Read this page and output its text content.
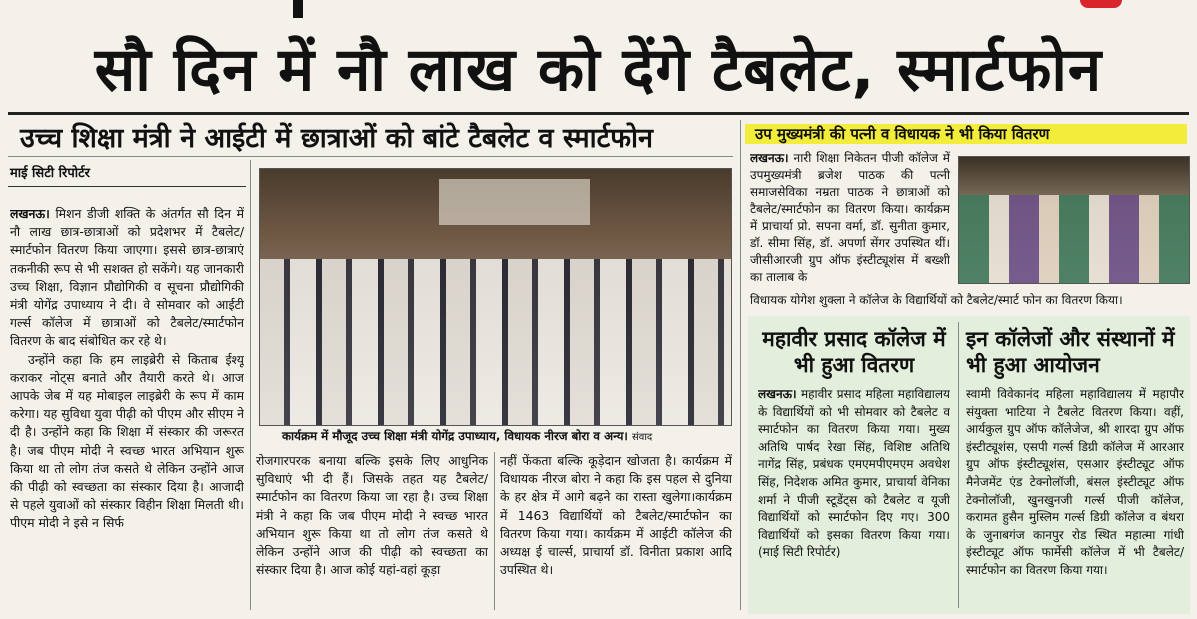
सौ दिन में नौ लाख को देंगे टैबलेट, स्मार्टफोन
उच्च शिक्षा मंत्री ने आईटी में छात्राओं को बांटे टैबलेट व स्मार्टफोन	उप मुख्यमंत्री की पत्नी व विधायक ने भी किया वितरण
माई सिटी रिपोर्टर

लखनऊ। मिशन डीजी शक्ति के अंतर्गत सौ दिन में नौ लाख छात्र-छात्राओं को प्रदेशभर में टैबलेट/स्मार्टफोन वितरण किया जाएगा। इससे छात्र-छात्राएं तकनीकी रूप से भी सशक्त हो सकेंगे। यह जानकारी उच्च शिक्षा, विज्ञान प्रौद्योगिकी व सूचना प्रौद्योगिकी मंत्री योगेंद्र उपाध्याय ने दी। वे सोमवार को आईटी गर्ल्स कॉलेज में छात्राओं को टैबलेट/स्मार्टफोन वितरण के बाद संबोधित कर रहे थे।

उन्होंने कहा कि हम लाइब्रेरी से किताब ईश्यू कराकर नोट्स बनाते और तैयारी करते थे। आज आपके जेब में यह मोबाइल लाइब्रेरी के रूप में काम करेगा। यह सुविधा युवा पीढ़ी को पीएम और सीएम ने दी है। उन्होंने कहा कि शिक्षा में संस्कार की जरूरत है। जब पीएम मोदी ने स्वच्छ भारत अभियान शुरू किया था तो लोग तंज कसते थे लेकिन उन्होंने आज की पीढ़ी को स्वच्छता का संस्कार दिया है। आजादी से पहले युवाओं को संस्कार विहीन शिक्षा मिलती थी। पीएम मोदी ने इसे न सिर्फ

कार्यक्रम में मौजूद उच्च शिक्षा मंत्री योगेंद्र उपाध्याय, विधायक नीरज बोरा व अन्य। संवाद

रोजगारपरक बनाया बल्कि इसके लिए आधुनिक सुविधाएं भी दी हैं। जिसके तहत यह टैबलेट/स्मार्टफोन का वितरण किया जा रहा है। उच्च शिक्षा मंत्री ने कहा कि जब पीएम मोदी ने स्वच्छ भारत अभियान शुरू किया था तो लोग तंज कसते थे लेकिन उन्होंने आज की पीढ़ी को स्वच्छता का संस्कार दिया है। आज कोई यहां-वहां कूड़ा

नहीं फेंकता बल्कि कूड़ेदान खोजता है। कार्यक्रम में विधायक नीरज बोरा ने कहा कि इस पहल से दुनिया के हर क्षेत्र में आगे बढ़ने का रास्ता खुलेगा।कार्यक्रम में 1463 विद्यार्थियों को टैबलेट/स्मार्टफोन का वितरण किया गया। कार्यक्रम में आईटी कॉलेज की अध्यक्ष ई चार्ल्स, प्राचार्या डॉ. विनीता प्रकाश आदि उपस्थित थे।

लखनऊ। नारी शिक्षा निकेतन पीजी कॉलेज में उपमुख्यमंत्री ब्रजेश पाठक की पत्नी समाजसेविका नम्रता पाठक ने छात्राओं को टैबलेट/स्मार्टफोन का वितरण किया। कार्यक्रम में प्राचार्या प्रो. सपना वर्मा, डॉ. सुनीता कुमार, डॉ. सीमा सिंह, डॉ. अपर्णा सेंगर उपस्थित थीं। जीसीआरजी ग्रुप ऑफ इंस्टीट्यूशंस में बख्शी का तालाब के

विधायक योगेश शुक्ला ने कॉलेज के विद्यार्थियों को टैबलेट/स्मार्ट फोन का वितरण किया।
महावीर प्रसाद कॉलेज में भी हुआ वितरण

लखनऊ। महावीर प्रसाद महिला महाविद्यालय के विद्यार्थियों को भी सोमवार को टैबलेट व स्मार्टफोन का वितरण किया गया। मुख्य अतिथि पार्षद रेखा सिंह, विशिष्ट अतिथि नागेंद्र सिंह, प्रबंधक एमएमपीएमएम अवधेश सिंह, निदेशक अमित कुमार, प्राचार्या वेनिका शर्मा ने पीजी स्टूडेंट्स को टैबलेट व यूजी विद्यार्थियों को स्मार्टफोन दिए गए। 300 विद्यार्थियों को इसका वितरण किया गया। (माई सिटी रिपोर्टर)

इन कॉलेजों और संस्थानों में भी हुआ आयोजन
स्वामी विवेकानंद महिला महाविद्यालय में महापौर संयुक्ता भाटिया ने टैबलेट वितरण किया। वहीं, आर्यकुल ग्रुप ऑफ कॉलेजेज, श्री शारदा ग्रुप ऑफ इंस्टीट्यूशंस, एसपी गर्ल्स डिग्री कॉलेज में आरआर ग्रुप ऑफ इंस्टीट्यूशंस, एसआर इंस्टीट्यूट ऑफ मैनेजमेंट एंड टेक्नोलॉजी, बंसल इंस्टीट्यूट ऑफ टेक्नोलॉजी, खुनखुनजी गर्ल्स पीजी कॉलेज, करामत हुसैन मुस्लिम गर्ल्स डिग्री कॉलेज व बंथरा के जुनाबगंज कानपुर रोड स्थित महात्मा गांधी इंस्टीट्यूट ऑफ फार्मेसी कॉलेज में भी टैबलेट/स्मार्टफोन का वितरण किया गया।
